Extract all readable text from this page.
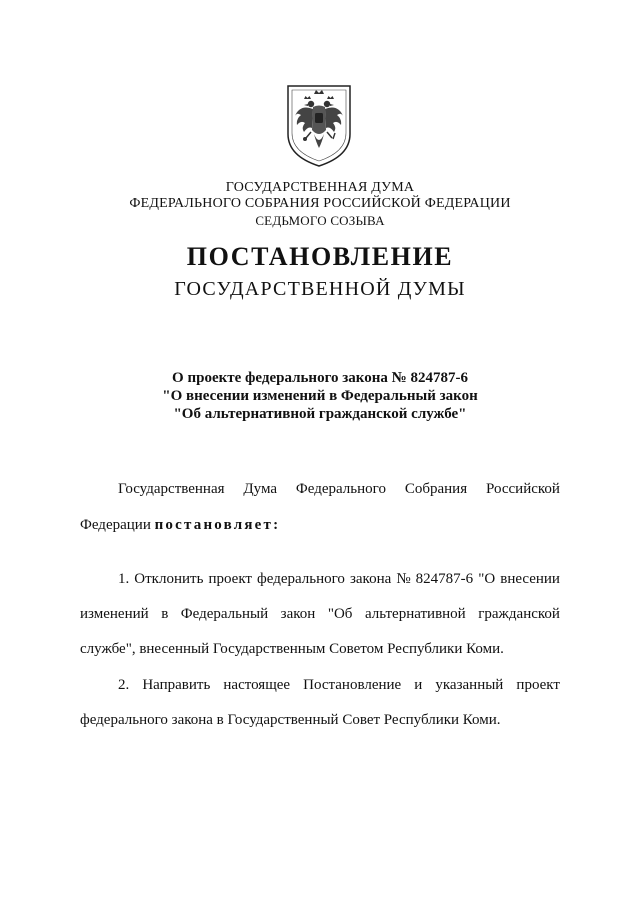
ГОСУДАРСТВЕННАЯ ДУМА
ФЕДЕРАЛЬНОГО СОБРАНИЯ РОССИЙСКОЙ ФЕДЕРАЦИИ
СЕДЬМОГО СОЗЫВА
ПОСТАНОВЛЕНИЕ
ГОСУДАРСТВЕННОЙ ДУМЫ
О проекте федерального закона № 824787-6
"О внесении изменений в Федеральный закон
"Об альтернативной гражданской службе"
Государственная Дума Федерального Собрания Российской
Федерации постановляет:
1. Отклонить проект федерального закона № 824787-6 "О внесении
изменений в Федеральный закон "Об альтернативной гражданской
службе", внесенный Государственным Советом Республики Коми.
2. Направить настоящее Постановление и указанный проект
федерального закона в Государственный Совет Республики Коми.
